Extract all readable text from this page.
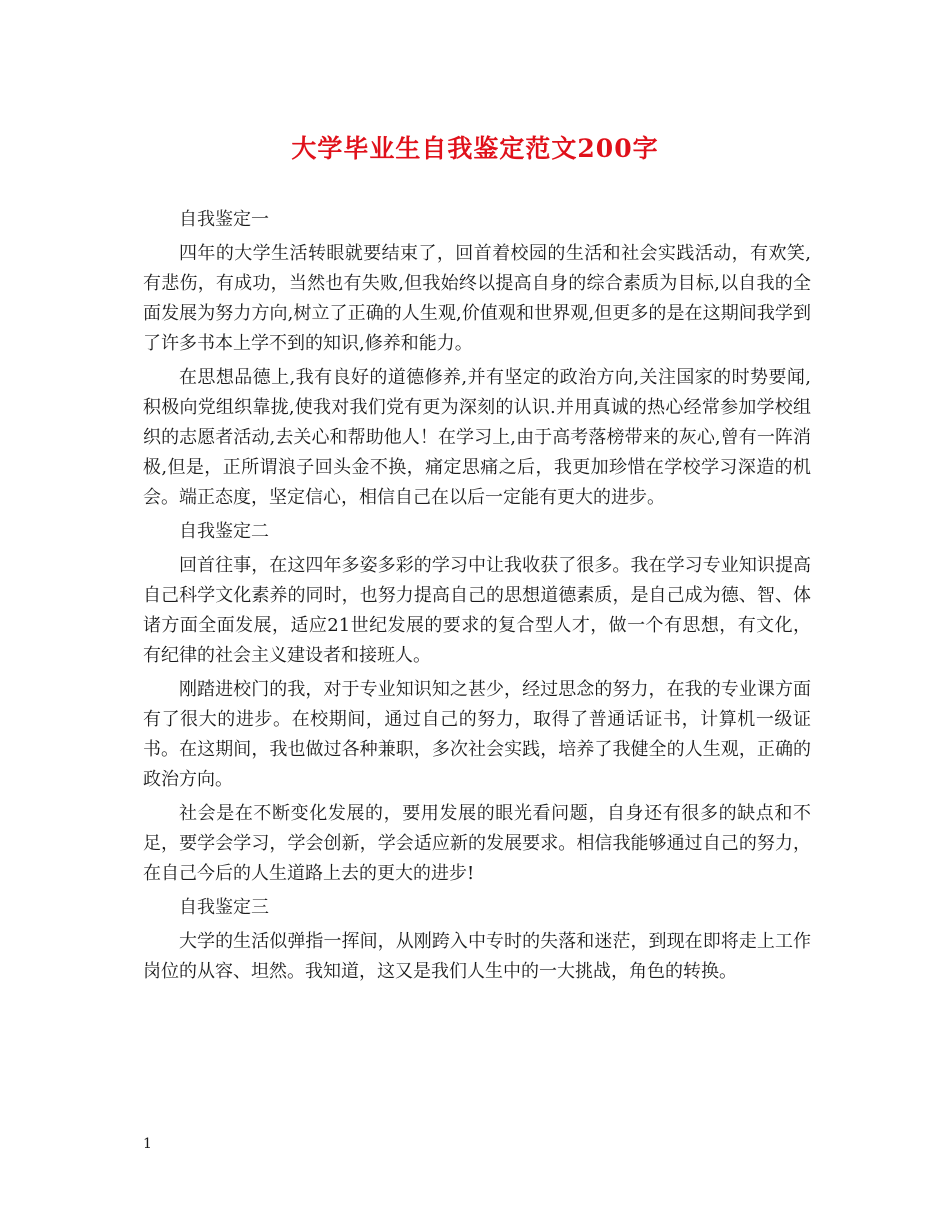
大学毕业生自我鉴定范文200字

自我鉴定一

四年的大学生活转眼就要结束了，回首着校园的生活和社会实践活动，有欢笑,有悲伤，有成功，当然也有失败,但我始终以提高自身的综合素质为目标,以自我的全面发展为努力方向,树立了正确的人生观,价值观和世界观,但更多的是在这期间我学到了许多书本上学不到的知识,修养和能力。

在思想品德上,我有良好的道德修养,并有坚定的政治方向,关注国家的时势要闻,积极向党组织靠拢,使我对我们党有更为深刻的认识.并用真诚的热心经常参加学校组织的志愿者活动,去关心和帮助他人！在学习上,由于高考落榜带来的灰心,曾有一阵消极,但是，正所谓浪子回头金不换，痛定思痛之后，我更加珍惜在学校学习深造的机会。端正态度，坚定信心，相信自己在以后一定能有更大的进步。

自我鉴定二

回首往事，在这四年多姿多彩的学习中让我收获了很多。我在学习专业知识提高自己科学文化素养的同时，也努力提高自己的思想道德素质，是自己成为德、智、体诸方面全面发展，适应21世纪发展的要求的复合型人才，做一个有思想，有文化，有纪律的社会主义建设者和接班人。

刚踏进校门的我，对于专业知识知之甚少，经过思念的努力，在我的专业课方面有了很大的进步。在校期间，通过自己的努力，取得了普通话证书，计算机一级证书。在这期间，我也做过各种兼职，多次社会实践，培养了我健全的人生观，正确的政治方向。

社会是在不断变化发展的，要用发展的眼光看问题，自身还有很多的缺点和不足，要学会学习，学会创新，学会适应新的发展要求。相信我能够通过自己的努力，在自己今后的人生道路上去的更大的进步!

自我鉴定三

大学的生活似弹指一挥间，从刚跨入中专时的失落和迷茫，到现在即将走上工作岗位的从容、坦然。我知道，这又是我们人生中的一大挑战，角色的转换。

1
